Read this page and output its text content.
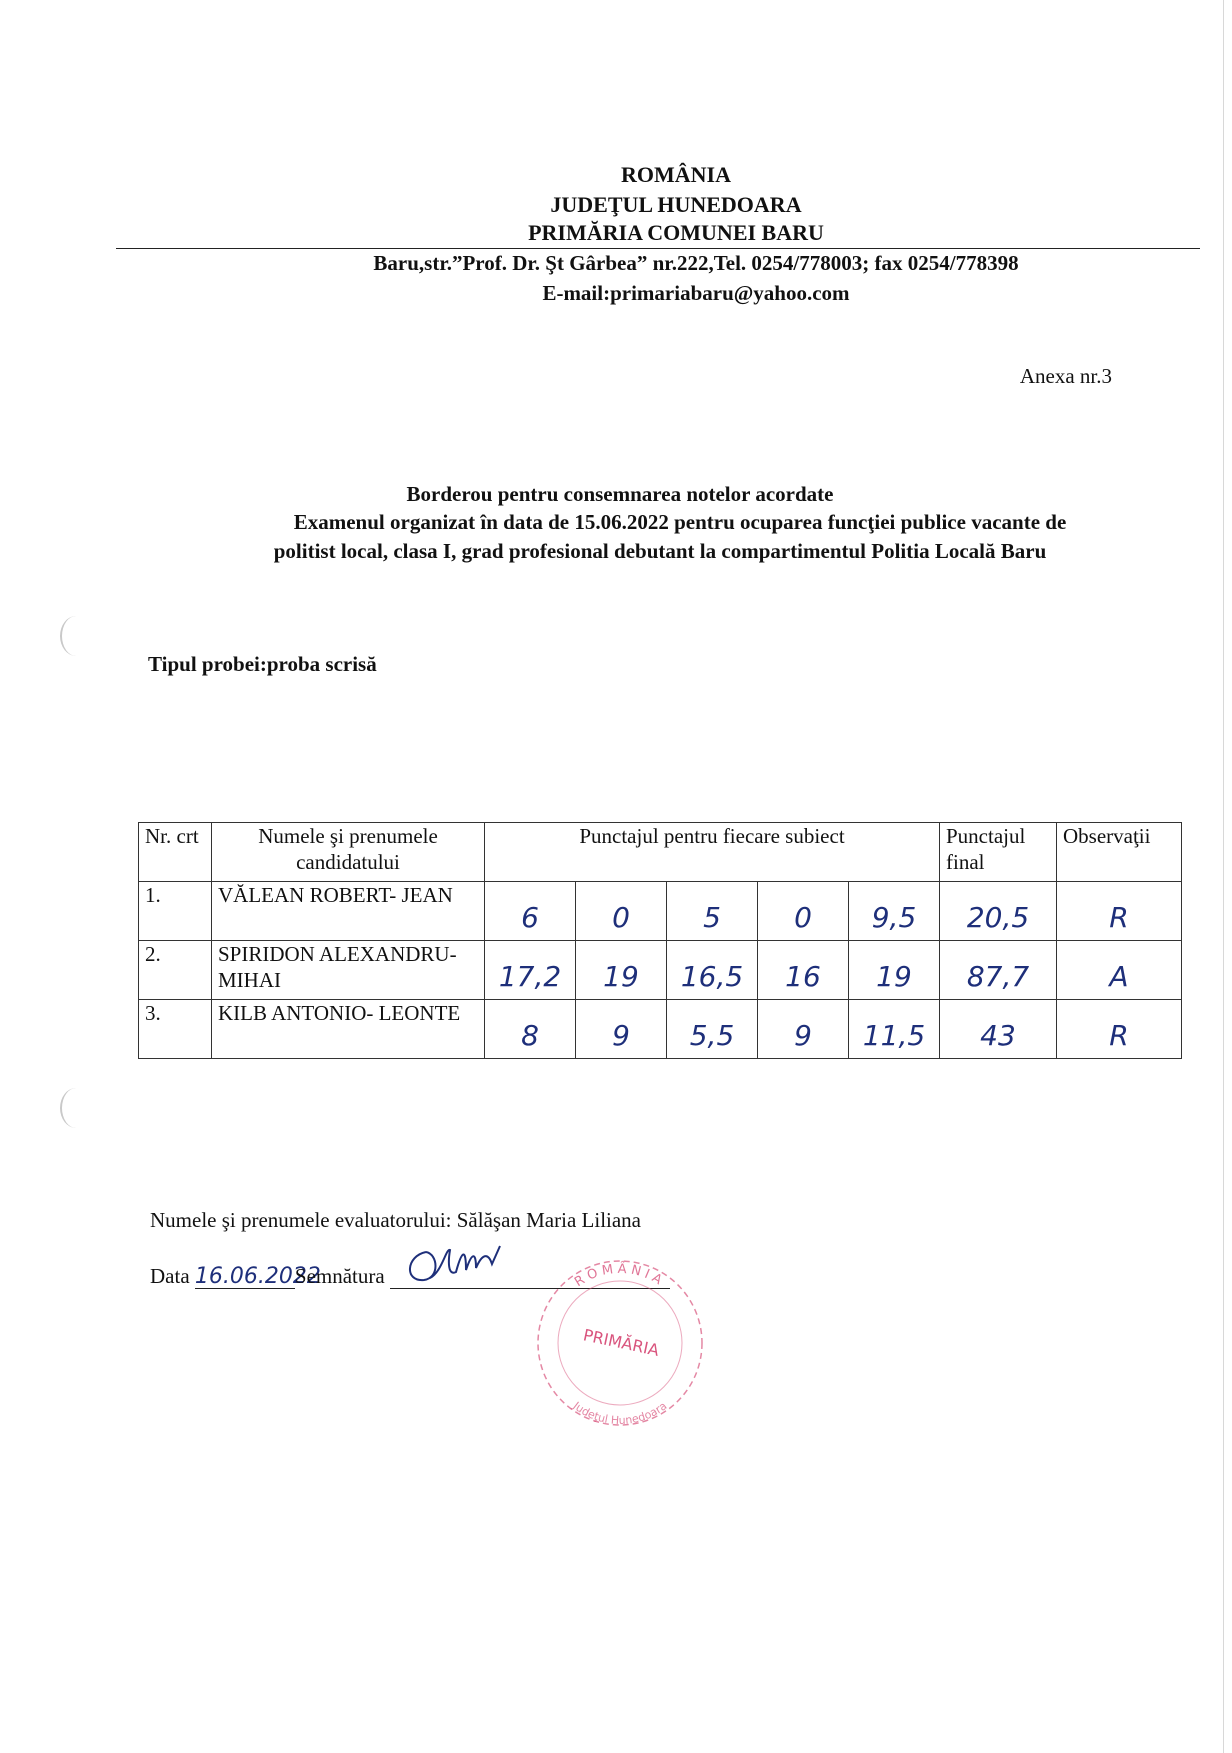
ROMÂNIA
JUDEŢUL HUNEDOARA
PRIMĂRIA COMUNEI BARU
Baru,str.”Prof. Dr. Şt Gârbea” nr.222,Tel. 0254/778003; fax 0254/778398
E-mail:primariabaru@yahoo.com
Anexa nr.3
Borderou pentru consemnarea notelor acordate
Examenul organizat în data de 15.06.2022 pentru ocuparea funcţiei publice vacante de
politist local, clasa I, grad profesional debutant la compartimentul Politia Locală Baru
Tipul probei:proba scrisă
Nr. crt	Numele şi prenumele candidatului	Punctajul pentru fiecare subiect					Punctajul final	Observaţii
1.	VĂLEAN ROBERT- JEAN	6	0	5	0	9,5	20,5	R
2.	SPIRIDON ALEXANDRU- MIHAI	17,2	19	16,5	16	19	87,7	A
3.	KILB ANTONIO- LEONTE	8	9	5,5	9	11,5	43	R
Numele şi prenumele evaluatorului: Sălăşan Maria Liliana
Data 16.06.2022Semnătura	ROMÂNIA
PRIMĂRIA
Judeţul Hunedoara
